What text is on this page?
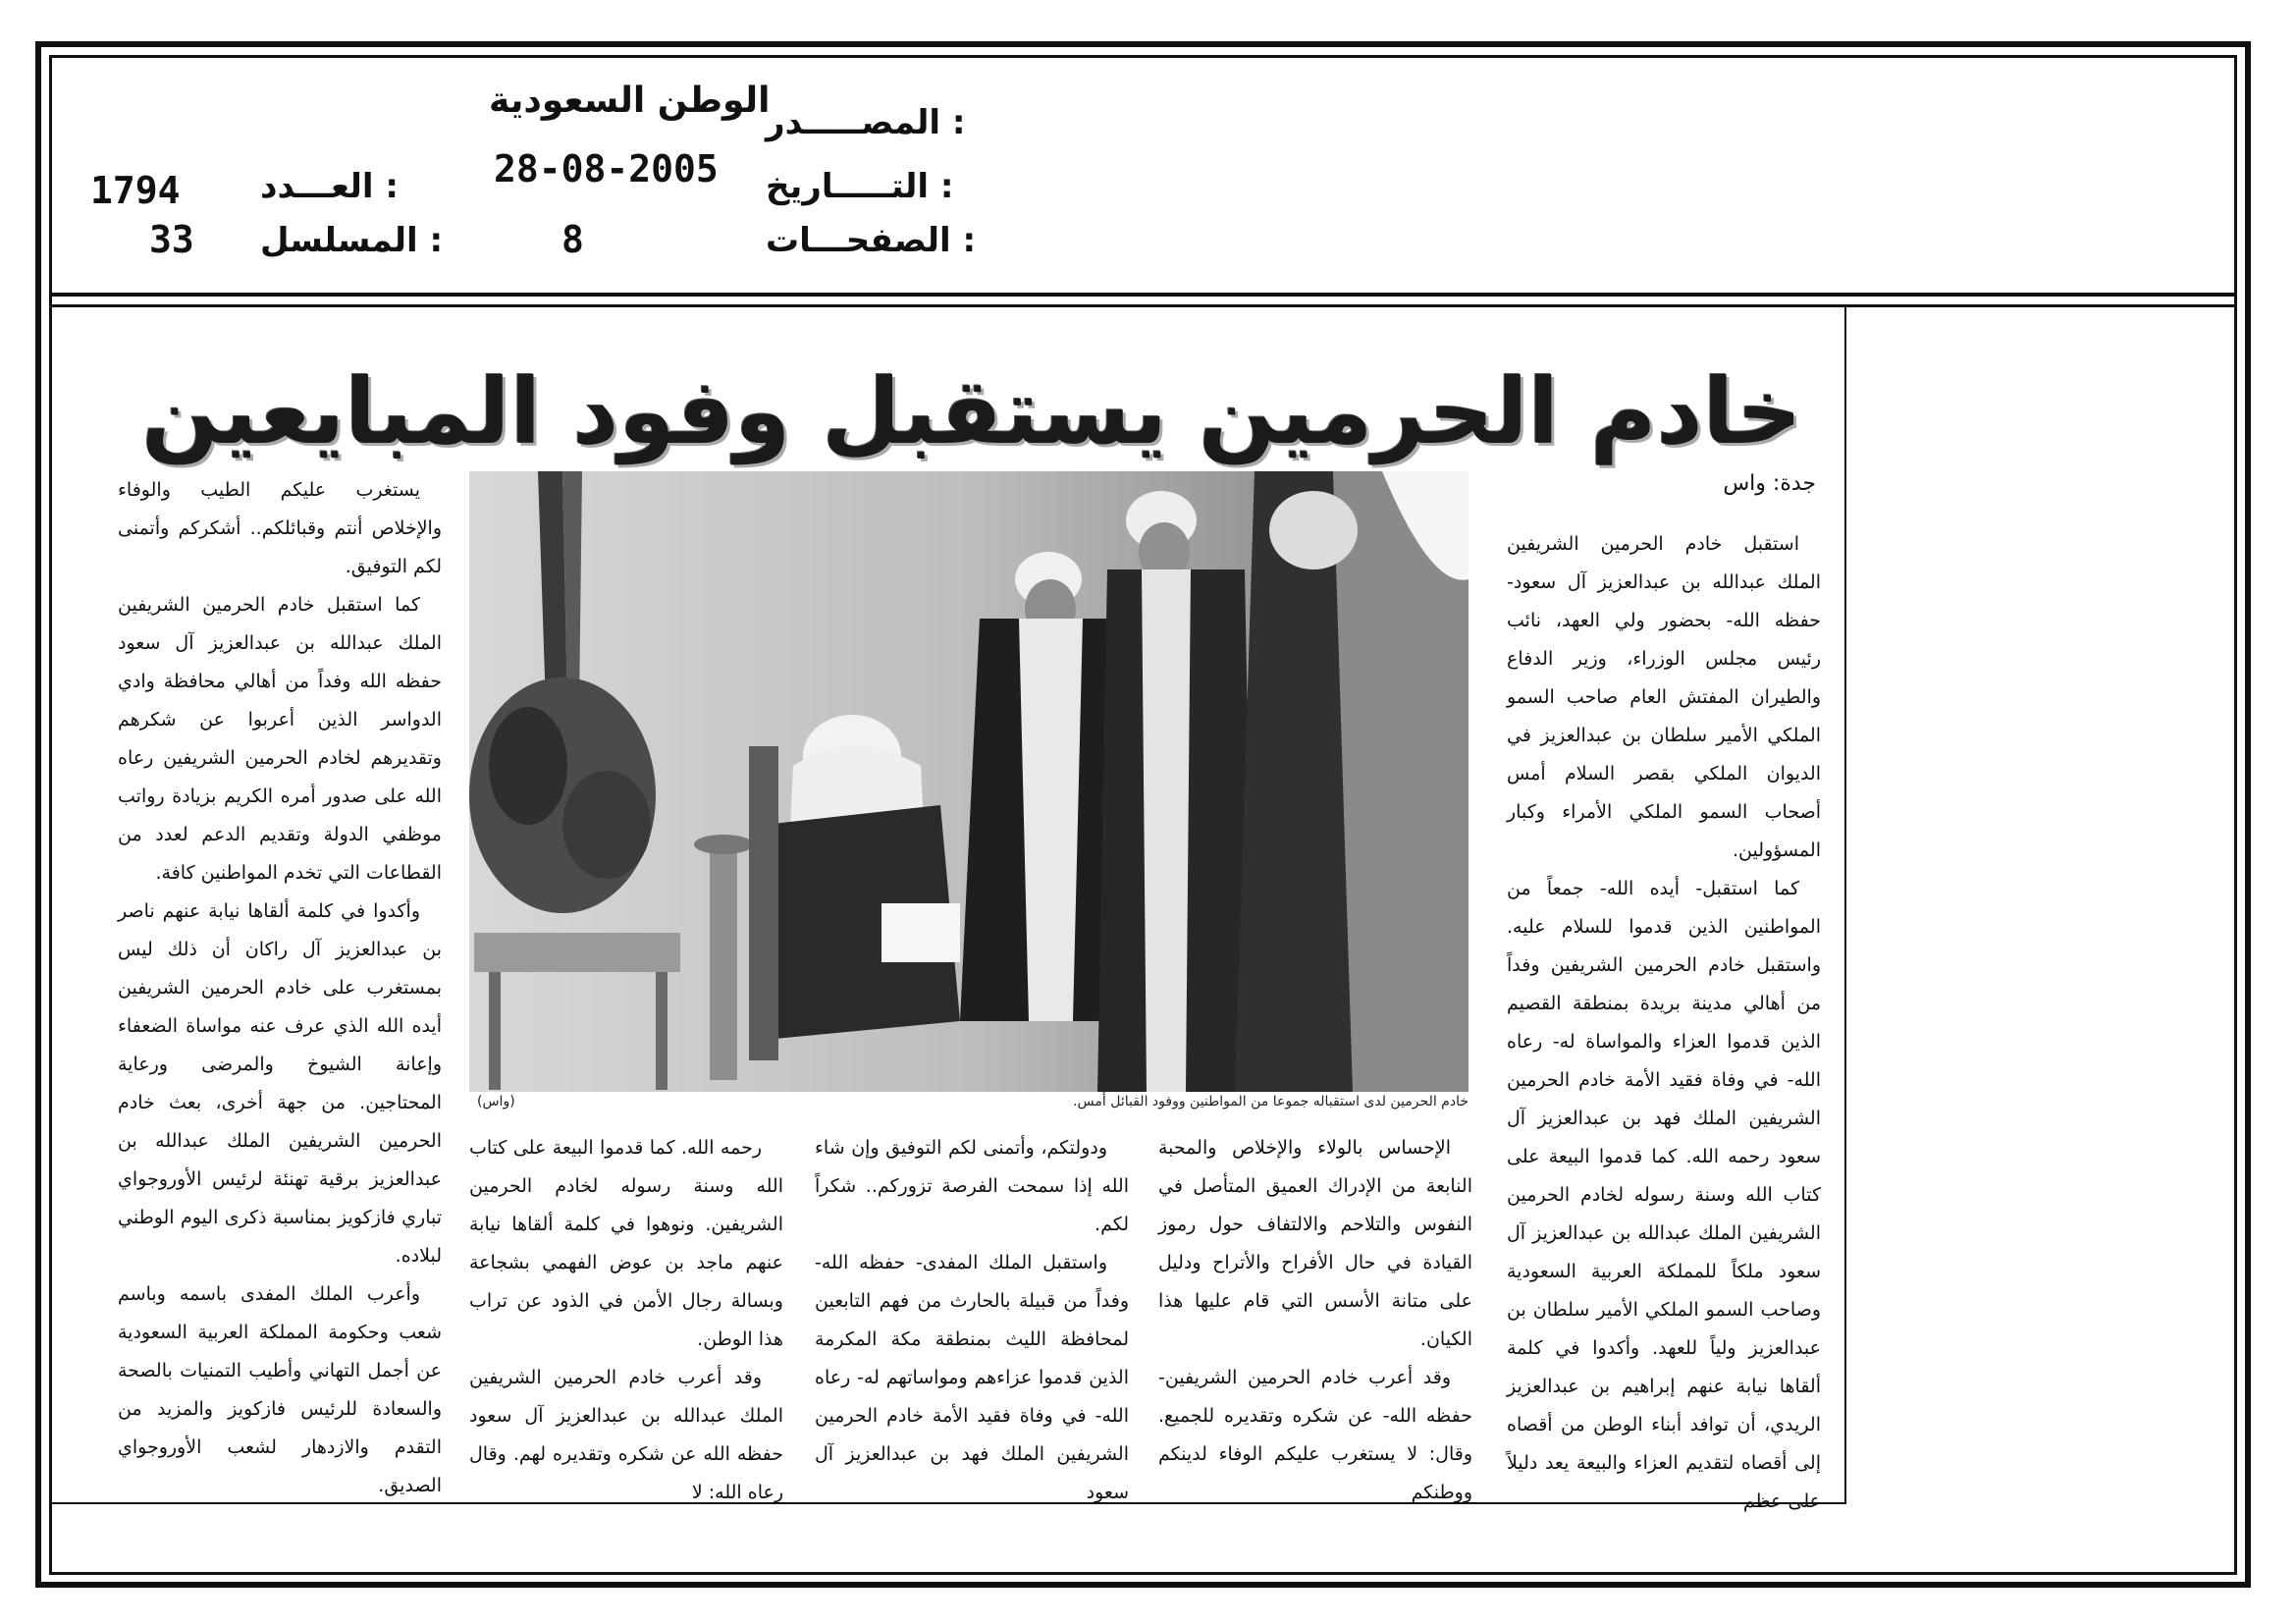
المصـــــدر :
الوطن السعودية
التـــــاريخ :
28-08-2005
الصفحـــات :
8
العـــدد :
1794
المسلسل :
33
خادم الحرمين يستقبل وفود المبايعين
جدة: واس
خادم الحرمين لدى استقباله جموعا من المواطنين ووفود القبائل أمس.
(واس)

استقبل خادم الحرمين الشريفين الملك عبدالله بن عبدالعزيز آل سعود- حفظه الله- بحضور ولي العهد، نائب رئيس مجلس الوزراء، وزير الدفاع والطيران المفتش العام صاحب السمو الملكي الأمير سلطان بن عبدالعزيز في الديوان الملكي بقصر السلام أمس أصحاب السمو الملكي الأمراء وكبار المسؤولين.

كما استقبل- أيده الله- جمعاً من المواطنين الذين قدموا للسلام عليه. واستقبل خادم الحرمين الشريفين وفداً من أهالي مدينة بريدة بمنطقة القصيم الذين قدموا العزاء والمواساة له- رعاه الله- في وفاة فقيد الأمة خادم الحرمين الشريفين الملك فهد بن عبدالعزيز آل سعود رحمه الله. كما قدموا البيعة على كتاب الله وسنة رسوله لخادم الحرمين الشريفين الملك عبدالله بن عبدالعزيز آل سعود ملكاً للمملكة العربية السعودية وصاحب السمو الملكي الأمير سلطان بن عبدالعزيز ولياً للعهد. وأكدوا في كلمة ألقاها نيابة عنهم إبراهيم بن عبدالعزيز الريدي، أن توافد أبناء الوطن من أقصاه إلى أقصاه لتقديم العزاء والبيعة يعد دليلاً على عظم

الإحساس بالولاء والإخلاص والمحبة النابعة من الإدراك العميق المتأصل في النفوس والتلاحم والالتفاف حول رموز القيادة في حال الأفراح والأتراح ودليل على متانة الأسس التي قام عليها هذا الكيان.

وقد أعرب خادم الحرمين الشريفين- حفظه الله- عن شكره وتقديره للجميع. وقال: لا يستغرب عليكم الوفاء لدينكم ووطنكم

ودولتكم، وأتمنى لكم التوفيق وإن شاء الله إذا سمحت الفرصة تزوركم.. شكراً لكم.

واستقبل الملك المفدى- حفظه الله- وفداً من قبيلة بالحارث من فهم التابعين لمحافظة الليث بمنطقة مكة المكرمة الذين قدموا عزاءهم ومواساتهم له- رعاه الله- في وفاة فقيد الأمة خادم الحرمين الشريفين الملك فهد بن عبدالعزيز آل سعود

رحمه الله. كما قدموا البيعة على كتاب الله وسنة رسوله لخادم الحرمين الشريفين. ونوهوا في كلمة ألقاها نيابة عنهم ماجد بن عوض الفهمي بشجاعة وبسالة رجال الأمن في الذود عن تراب هذا الوطن.

وقد أعرب خادم الحرمين الشريفين الملك عبدالله بن عبدالعزيز آل سعود حفظه الله عن شكره وتقديره لهم. وقال رعاه الله: لا

يستغرب عليكم الطيب والوفاء والإخلاص أنتم وقبائلكم.. أشكركم وأتمنى لكم التوفيق.

كما استقبل خادم الحرمين الشريفين الملك عبدالله بن عبدالعزيز آل سعود حفظه الله وفداً من أهالي محافظة وادي الدواسر الذين أعربوا عن شكرهم وتقديرهم لخادم الحرمين الشريفين رعاه الله على صدور أمره الكريم بزيادة رواتب موظفي الدولة وتقديم الدعم لعدد من القطاعات التي تخدم المواطنين كافة.

وأكدوا في كلمة ألقاها نيابة عنهم ناصر بن عبدالعزيز آل راكان أن ذلك ليس بمستغرب على خادم الحرمين الشريفين أيده الله الذي عرف عنه مواساة الضعفاء وإعانة الشيوخ والمرضى ورعاية المحتاجين. من جهة أخرى، بعث خادم الحرمين الشريفين الملك عبدالله بن عبدالعزيز برقية تهنئة لرئيس الأوروجواي تباري فازكويز بمناسبة ذكرى اليوم الوطني لبلاده.

وأعرب الملك المفدى باسمه وباسم شعب وحكومة المملكة العربية السعودية عن أجمل التهاني وأطيب التمنيات بالصحة والسعادة للرئيس فازكويز والمزيد من التقدم والازدهار لشعب الأوروجواي الصديق.
